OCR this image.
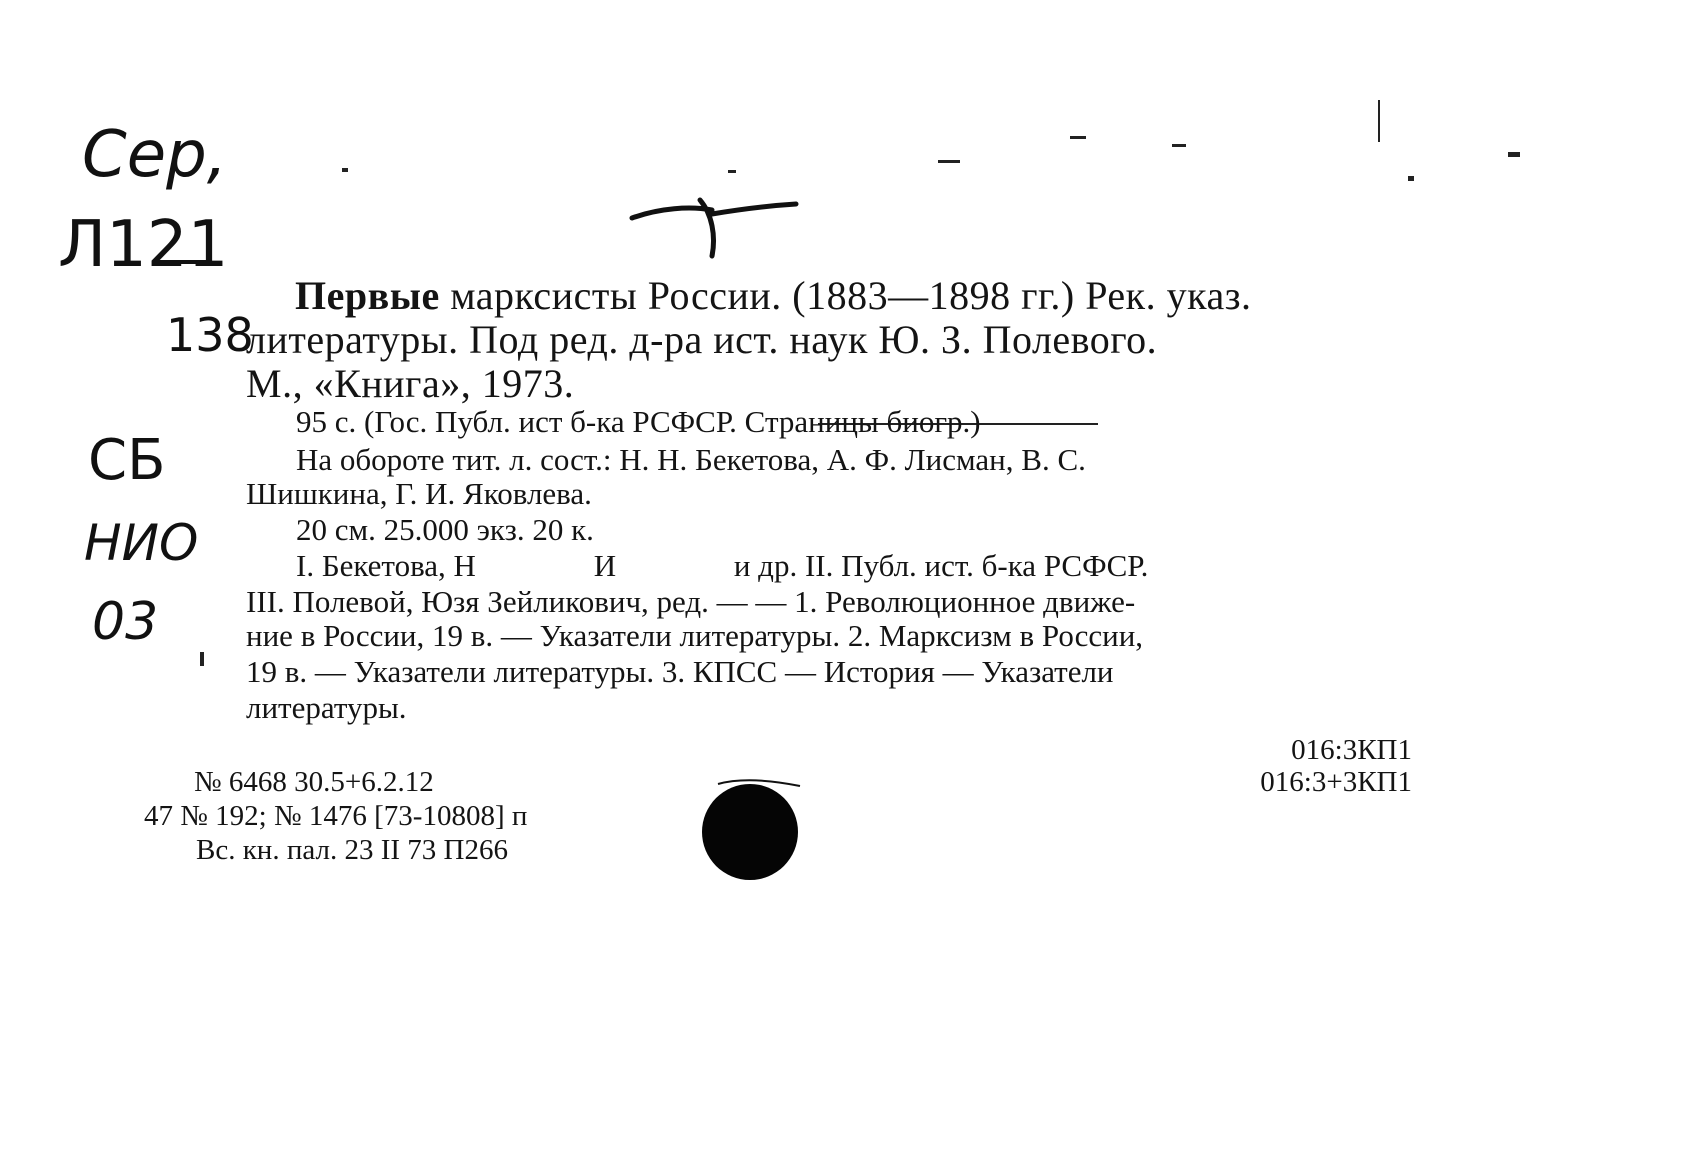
Сер,
Л121
138
СБ
НИО
03
Первые марксисты России. (1883—1898 гг.) Рек. указ.
литературы. Под ред. д-ра ист. наук Ю. З. Полевого.
М., «Книга», 1973.
95 с. (Гос. Публ. ист б-ка РСФСР. Страницы биогр.)
На обороте тит. л. сост.: Н. Н. Бекетова, А. Ф. Лисман, В. С.
Шишкина, Г. И. Яковлева.
20 см. 25.000 экз. 20 к.
I. Бекетова, Н	И	и др. II. Публ. ист. б-ка РСФСР.
III. Полевой, Юзя Зейликович, ред. — — 1. Революционное движе-
ние в России, 19 в. — Указатели литературы. 2. Марксизм в России,
19 в. — Указатели литературы. 3. КПСС — История — Указатели
литературы.
016:3КП1
016:3+3КП1
№ 6468 30.5+6.2.12
47 № 192; № 1476 [73-10808] п
Вс. кн. пал. 23 II 73 П266
